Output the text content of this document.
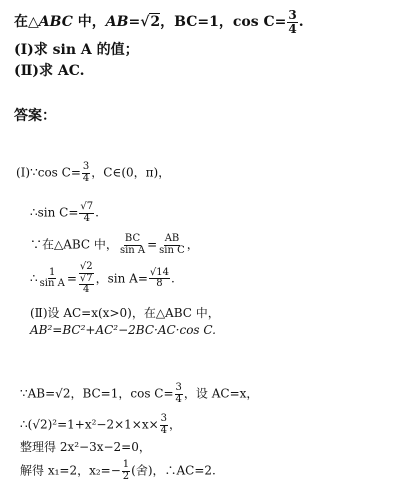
在△ABC 中，AB=√2，BC=1，$\cos C= \frac{3}{4}$ .
(Ⅰ)求 sin A 的值；
(Ⅱ)求 AC.
答案：
(Ⅰ)∵cos $C= \frac{3}{4}$ ，C∈(0，π)，
∴sin $C= \frac{√7}{4}$ .
∵在△ABC 中， $\frac{BC}{\text{sin A}} = \frac{AB}{\text{sin C}}$ ，
∴ $\frac{1}{\text{sin A}} = \frac{√2}{\frac{√7}{4}}$ ，$\sin A= \frac{√14}{8}$ .
(Ⅱ)设 AC=x(x>0)，在△ABC 中，
AB²=BC²+AC²−2BC·AC·cos C.
∵AB=√2，BC=1，$\cos C= \frac{3}{4}$ ，设 AC=x，
∴(√2)²=1+x²−2×1×x× $\frac{3}{4}$ ，
整理得 2x²−3x−2=0，
解得 x₁=2，$x_2=- \frac{1}{2}$ (舍)，∴AC=2.
